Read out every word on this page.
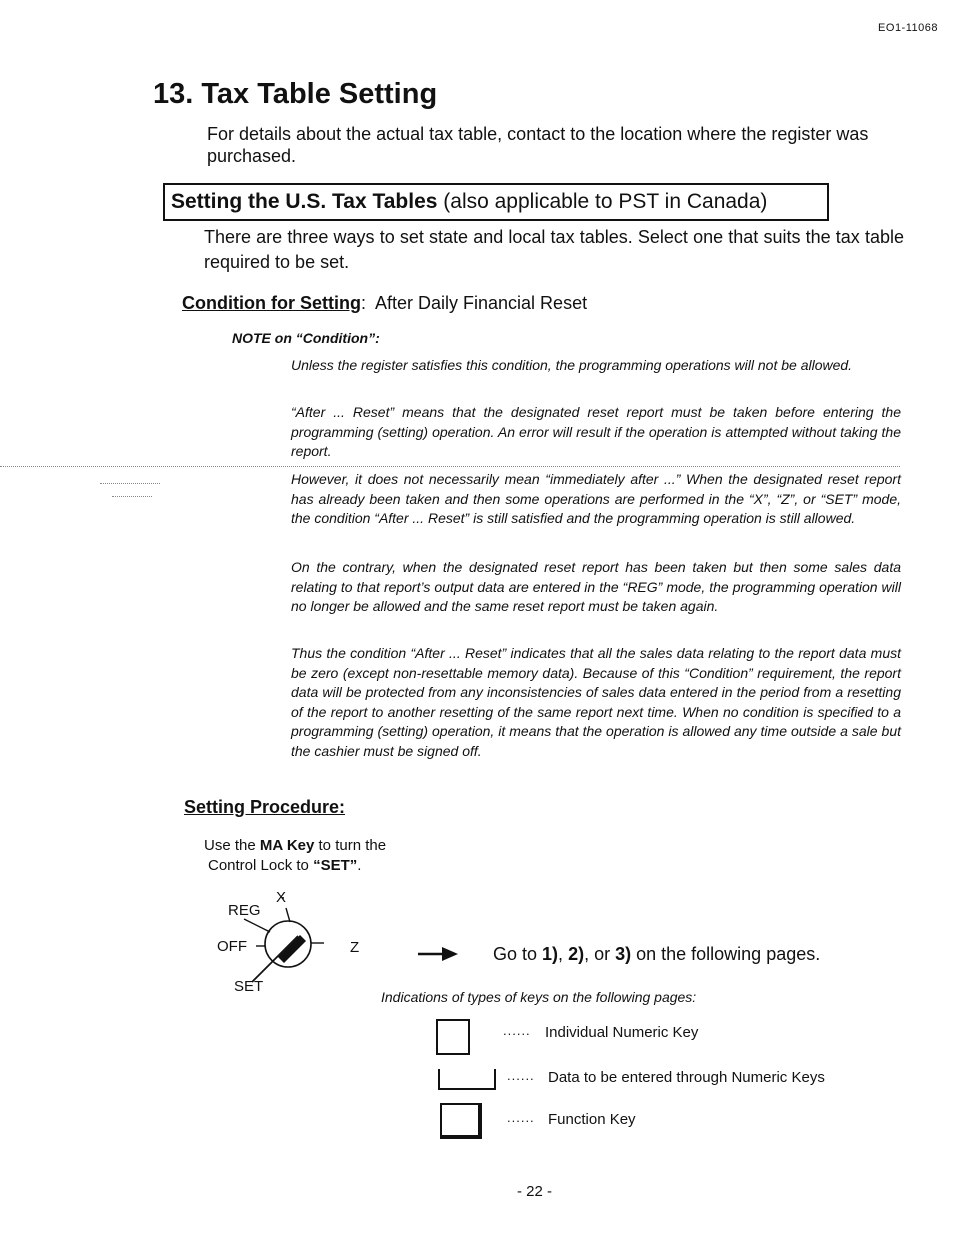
EO1-11068
13. Tax Table Setting

For details about the actual tax table, contact to the location where the register was purchased.

Setting the U.S. Tax Tables (also applicable to PST in Canada)

There are three ways to set state and local tax tables. Select one that suits the tax table required to be set.

Condition for Setting: After Daily Financial Reset
NOTE on “Condition”:

Unless the register satisfies this condition, the programming operations will not be allowed.

“After ... Reset” means that the designated reset report must be taken before entering the programming (setting) operation. An error will result if the operation is attempted without taking the report.

However, it does not necessarily mean “immediately after ...” When the designated reset report has already been taken and then some operations are performed in the “X”, “Z”, or “SET” mode, the condition “After ... Reset” is still satisfied and the programming operation is still allowed.

On the contrary, when the designated reset report has been taken but then some sales data relating to that report’s output data are entered in the “REG” mode, the programming operation will no longer be allowed and the same reset report must be taken again.

Thus the condition “After ... Reset” indicates that all the sales data relating to the report data must be zero (except non-resettable memory data). Because of this “Condition” requirement, the report data will be protected from any inconsistencies of sales data entered in the period from a resetting of the report to another resetting of the same report next time. When no condition is specified to a programming (setting) operation, it means that the operation is allowed any time outside a sale but the cashier must be signed off.

Setting Procedure:
Use the MA Key to turn the
Control Lock to “SET”.
X
REG
OFF	Z
SET
Go to 1), 2), or 3) on the following pages.
Indications of types of keys on the following pages:
...... Individual Numeric Key
...... Data to be entered through Numeric Keys
...... Function Key
- 22 -
